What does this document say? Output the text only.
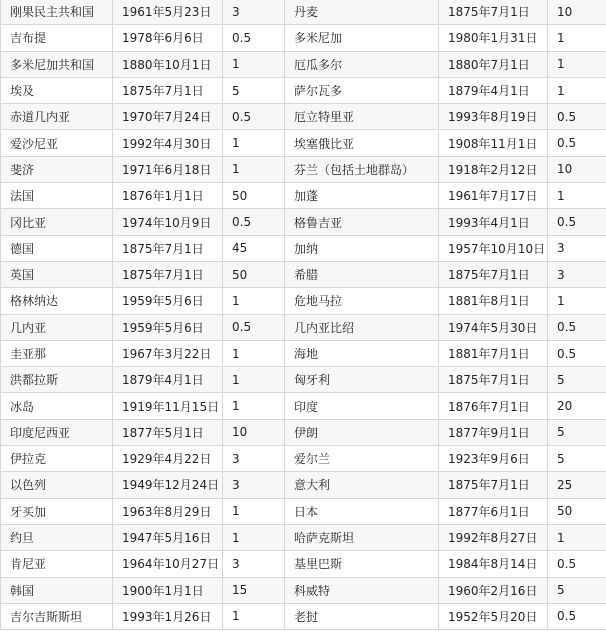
刚果民主共和国	1961年5月23日	3	丹麦	1875年7月1日	10
吉布提	1978年6月6日	0.5	多米尼加	1980年1月31日	1
多米尼加共和国	1880年10月1日	1	厄瓜多尔	1880年7月1日	1
埃及	1875年7月1日	5	萨尔瓦多	1879年4月1日	1
赤道几内亚	1970年7月24日	0.5	厄立特里亚	1993年8月19日	0.5
爱沙尼亚	1992年4月30日	1	埃塞俄比亚	1908年11月1日	0.5
斐济	1971年6月18日	1	芬兰（包括土地群岛）	1918年2月12日	10
法国	1876年1月1日	50	加蓬	1961年7月17日	1
冈比亚	1974年10月9日	0.5	格鲁吉亚	1993年4月1日	0.5
德国	1875年7月1日	45	加纳	1957年10月10日	3
英国	1875年7月1日	50	希腊	1875年7月1日	3
格林纳达	1959年5月6日	1	危地马拉	1881年8月1日	1
几内亚	1959年5月6日	0.5	几内亚比绍	1974年5月30日	0.5
圭亚那	1967年3月22日	1	海地	1881年7月1日	0.5
洪都拉斯	1879年4月1日	1	匈牙利	1875年7月1日	5
冰岛	1919年11月15日	1	印度	1876年7月1日	20
印度尼西亚	1877年5月1日	10	伊朗	1877年9月1日	5
伊拉克	1929年4月22日	3	爱尔兰	1923年9月6日	5
以色列	1949年12月24日	3	意大利	1875年7月1日	25
牙买加	1963年8月29日	1	日本	1877年6月1日	50
约旦	1947年5月16日	1	哈萨克斯坦	1992年8月27日	1
肯尼亚	1964年10月27日	3	基里巴斯	1984年8月14日	0.5
韩国	1900年1月1日	15	科威特	1960年2月16日	5
吉尔吉斯斯坦	1993年1月26日	1	老挝	1952年5月20日	0.5
